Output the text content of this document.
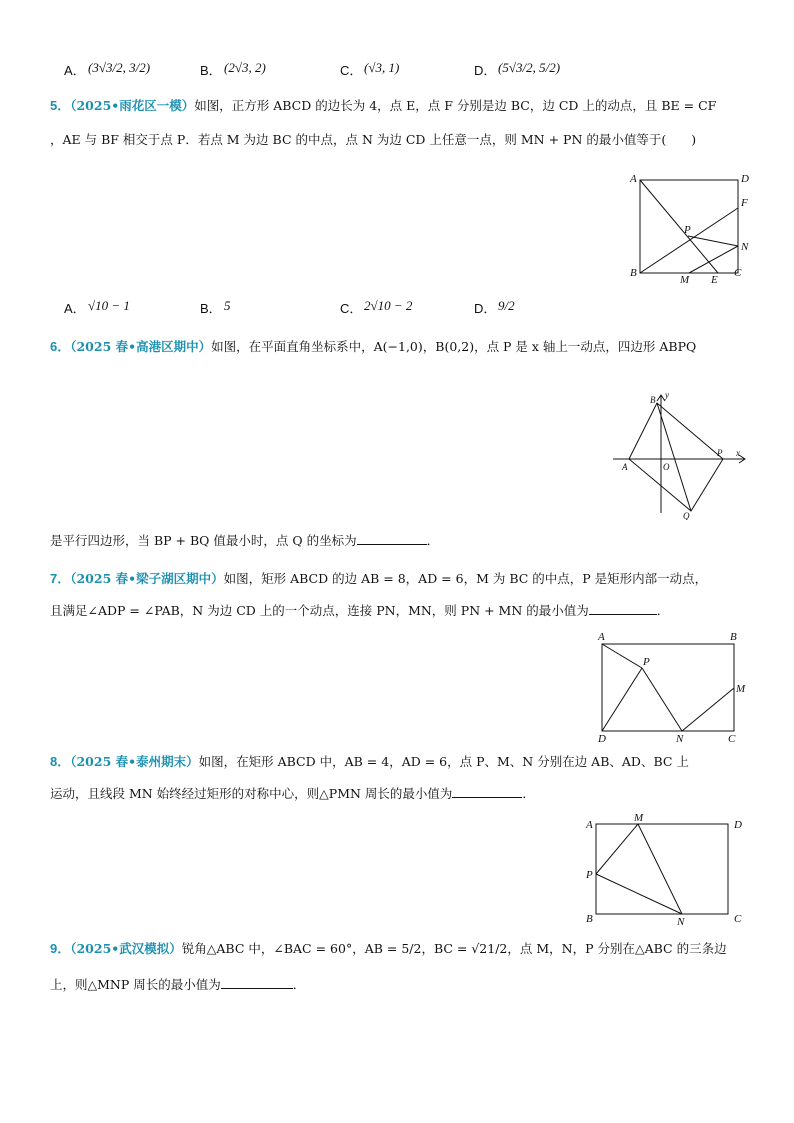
A． (3√3/2, 3/2)	B． (2√3, 2)	C． (√3, 1)	D． (5√3/2, 5/2)
5．（2025•雨花区一模）如图，正方形 ABCD 的边长为 4，点 E，点 F 分别是边 BC，边 CD 上的动点，且 BE = CF
，AE 与 BF 相交于点 P．若点 M 为边 BC 的中点，点 N 为边 CD 上任意一点，则 MN + PN 的最小值等于(　　)
A	D
F
P
N
B
M E
C
A． √10 − 1	B． 5	C． 2√10 − 2	D． 9/2
6．（2025 春•高港区期中）如图，在平面直角坐标系中，A(−1,0)，B(0,2)，点 P 是 x 轴上一动点，四边形 ABPQ
y
B
A	O
P x
Q
是平行四边形，当 BP + BQ 值最小时，点 Q 的坐标为	．
7．（2025 春•梁子湖区期中）如图，矩形 ABCD 的边 AB = 8，AD = 6，M 为 BC 的中点，P 是矩形内部一动点，
且满足∠ADP = ∠PAB，N 为边 CD 上的一个动点，连接 PN，MN，则 PN + MN 的最小值为	．
A	B
P
M
D	N	C
8．（2025 春•泰州期末）如图，在矩形 ABCD 中，AB = 4，AD = 6，点 P、M、N 分别在边 AB、AD、BC 上
运动，且线段 MN 始终经过矩形的对称中心，则△PMN 周长的最小值为	．
A
M
D
P
B	N	C
9．（2025•武汉模拟）锐角△ABC 中，∠BAC = 60°，AB = 5/2，BC = √21/2，点 M，N，P 分别在△ABC 的三条边
上，则△MNP 周长的最小值为	．
